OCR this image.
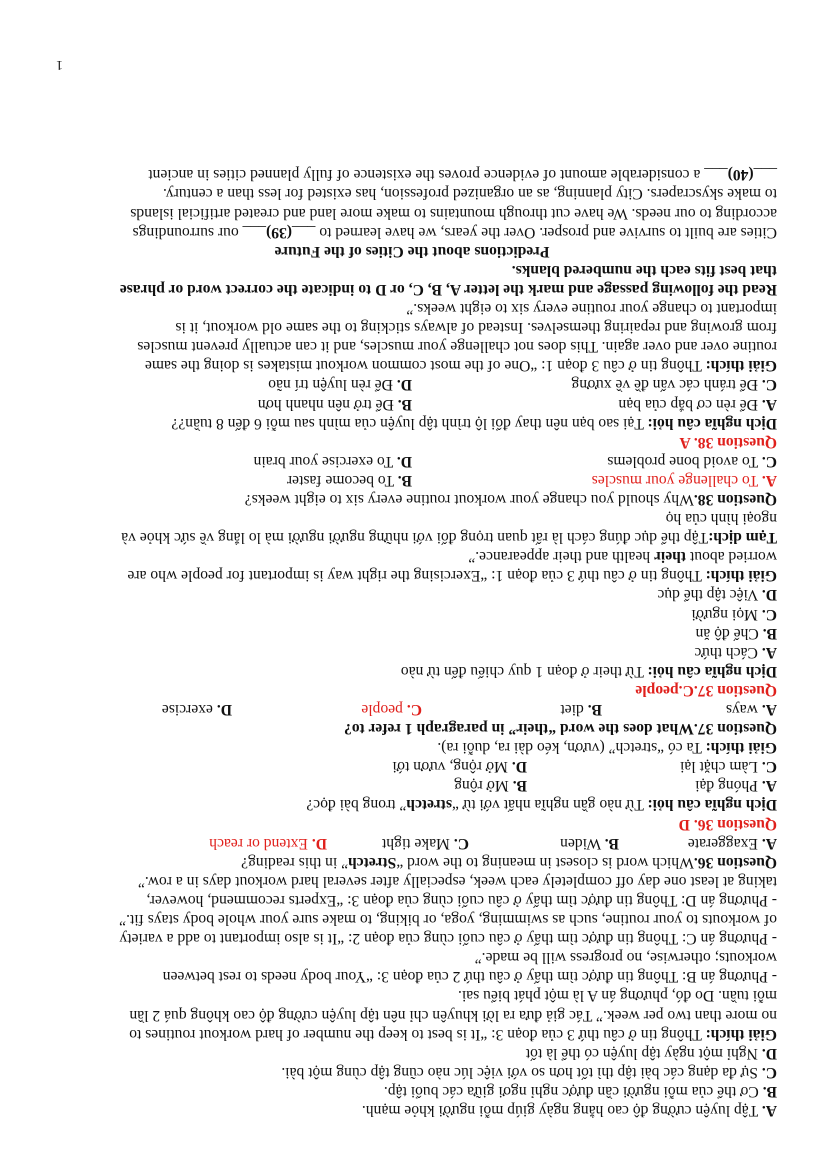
A. Tập luyện cường độ cao hằng ngày giúp mỗi người khỏe mạnh.
B. Cơ thể của mỗi người cần được nghỉ ngơi giữa các buổi tập.
C. Sự đa dạng các bài tập thì tốt hơn so với việc lúc nào cũng tập cùng một bài.
D. Nghỉ một ngày tập luyện có thể là tốt
Giải thích: Thông tin ở câu thứ 3 của đoạn 3: “It is best to keep the number of hard workout routines to
no more than two per week.” Tác giả đưa ra lời khuyên chỉ nên tập luyện cường độ cao không quá 2 lần
mỗi tuần. Do đó, phương án A là một phát biểu sai.
- Phương án B: Thông tin được tìm thấy ở câu thứ 2 của đoạn 3: “Your body needs to rest between
workouts; otherwise, no progress will be made.”
- Phương án C: Thông tin được tìm thấy ở câu cuối cùng của đoạn 2: “It is also important to add a variety
of workouts to your routine, such as swimming, yoga, or biking, to make sure your whole body stays fit.”
- Phương án D: Thông tin được tìm thấy ở câu cuối cùng của đoạn 3: “Experts recommend, however,
taking at least one day off completely each week, especially after several hard workout days in a row.”
Question 36.Which word is closest in meaning to the word “Stretch” in this reading?
A. Exaggerate
B. Widen
C. Make tight
D. Extend or reach
Question 36. D
Dịch nghĩa câu hỏi: Từ nào gần nghĩa nhất với từ “stretch” trong bài đọc?
A. Phóng đại
B. Mở rộng
C. Làm chặt lại
D. Mở rộng, vươn tới
Giải thích: Ta có “stretch” (vươn, kéo dài ra, duỗi ra).
Question 37.What does the word “their” in paragraph 1 refer to?
A. ways
B. diet
C. people
D. exercise
Question 37.C.people
Dịch nghĩa câu hỏi: Từ their ở đoạn 1 quy chiếu đến từ nào
A. Cách thức
B. Chế độ ăn
C. Mọi người
D. Việc tập thể dục
Giải thích: Thông tin ở câu thứ 3 của đoạn 1: “Exercising the right way is important for people who are
worried about their health and their appearance.”
Tạm dịch:Tập thể dục đúng cách là rất quan trọng đối với những người người mà lo lắng về sức khỏe và
ngoại hình của họ
Question 38.Why should you change your workout routine every six to eight weeks?
A. To challenge your muscles
B. To become faster
C. To avoid bone problems
D. To exercise your brain
Question 38. A
Dịch nghĩa câu hỏi: Tại sao bạn nên thay đổi lộ trình tập luyện của mình sau mỗi 6 đến 8 tuần??
A. Để rèn cơ bắp của bạn
B. Để trở nên nhanh hơn
C. Để tránh các vấn đề về xương
D. Để rèn luyện trí não
Giải thích: Thông tin ở câu 3 đoạn 1: “One of the most common workout mistakes is doing the same
routine over and over again. This does not challenge your muscles, and it can actually prevent muscles
from growing and repairing themselves. Instead of always sticking to the same old workout, it is
important to change your routine every six to eight weeks.”
Read the following passage and mark the letter A, B, C, or D to indicate the correct word or phrase
that best fits each the numbered blanks.
Predictions about the Cities of the Future
Cities are built to survive and prosper. Over the years, we have learned to ___(39)___ our surroundings
according to our needs. We have cut through mountains to make more land and created artificial islands
to make skyscrapers. City planning, as an organized profession, has existed for less than a century.
___(40)___ a considerable amount of evidence proves the existence of fully planned cities in ancient
1
